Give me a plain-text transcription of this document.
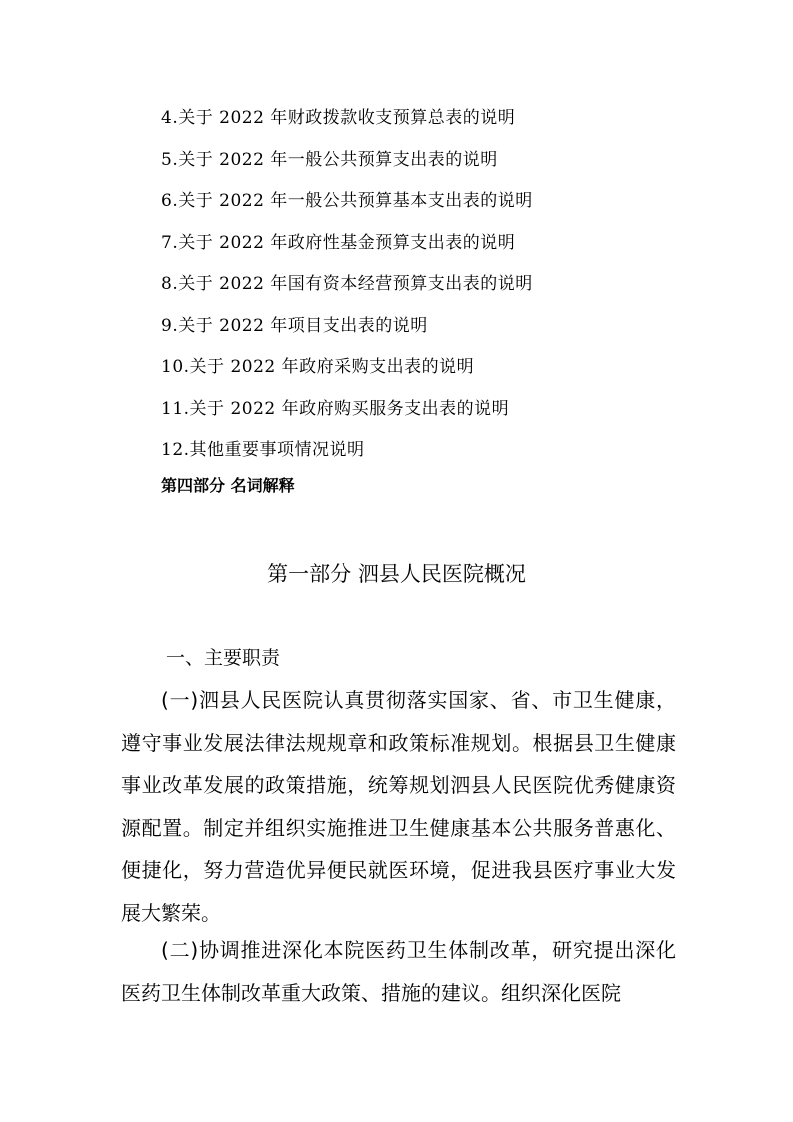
4.关于 2022 年财政拨款收支预算总表的说明
5.关于 2022 年一般公共预算支出表的说明
6.关于 2022 年一般公共预算基本支出表的说明
7.关于 2022 年政府性基金预算支出表的说明
8.关于 2022 年国有资本经营预算支出表的说明
9.关于 2022 年项目支出表的说明
10.关于 2022 年政府采购支出表的说明
11.关于 2022 年政府购买服务支出表的说明
12.其他重要事项情况说明
第四部分 名词解释
第一部分 泗县人民医院概况
一、主要职责

(一)泗县人民医院认真贯彻落实国家、省、市卫生健康，遵守事业发展法律法规规章和政策标准规划。根据县卫生健康事业改革发展的政策措施，统筹规划泗县人民医院优秀健康资源配置。制定并组织实施推进卫生健康基本公共服务普惠化、便捷化，努力营造优异便民就医环境，促进我县医疗事业大发展大繁荣。

(二)协调推进深化本院医药卫生体制改革，研究提出深化医药卫生体制改革重大政策、措施的建议。组织深化医院
